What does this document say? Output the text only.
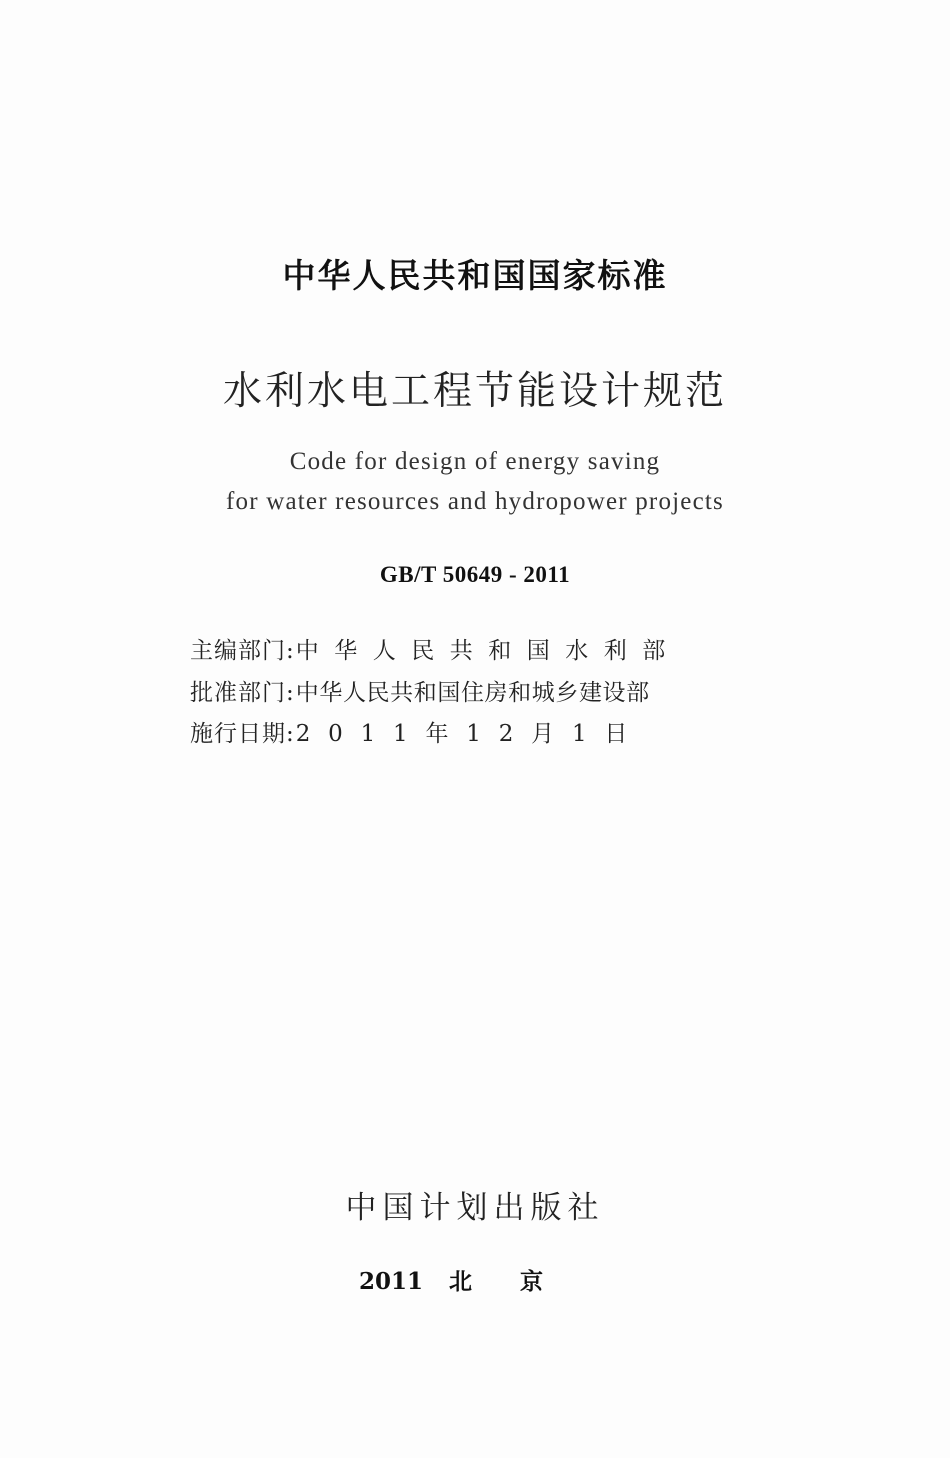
中华人民共和国国家标准
水利水电工程节能设计规范
Code for design of energy saving
for water resources and hydropower projects
GB/T 50649 - 2011
主编部门 : 中华人民共和国水利部
批准部门 : 中华人民共和国住房和城乡建设部
施行日期 : 2011年12月1日
中国计划出版社
2011 北京
